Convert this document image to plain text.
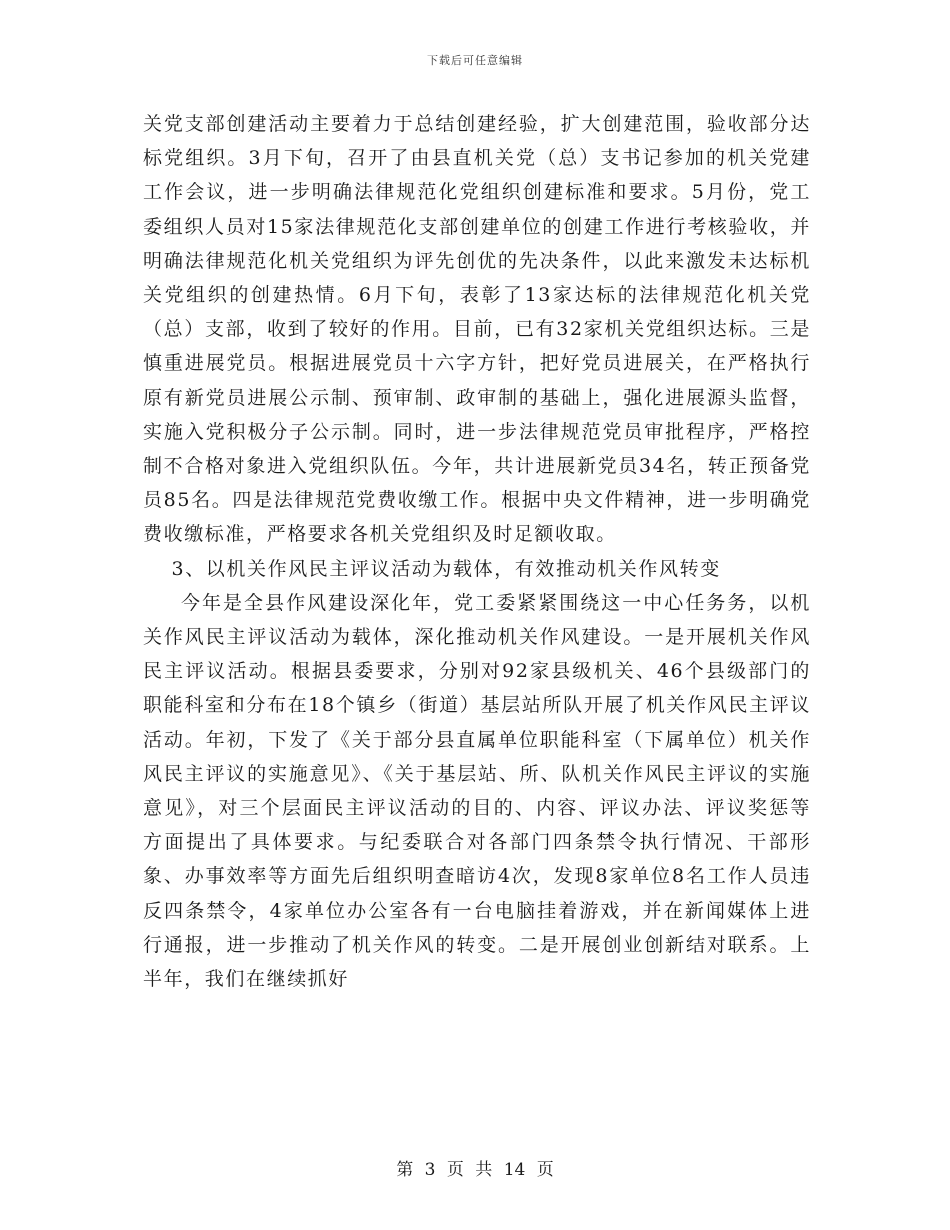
下载后可任意编辑

关党支部创建活动主要着力于总结创建经验，扩大创建范围，验收部分达标党组织。3月下旬，召开了由县直机关党（总）支书记参加的机关党建工作会议，进一步明确法律规范化党组织创建标准和要求。5月份，党工委组织人员对15家法律规范化支部创建单位的创建工作进行考核验收，并明确法律规范化机关党组织为评先创优的先决条件，以此来激发未达标机关党组织的创建热情。6月下旬，表彰了13家达标的法律规范化机关党（总）支部，收到了较好的作用。目前，已有32家机关党组织达标。三是慎重进展党员。根据进展党员十六字方针，把好党员进展关，在严格执行原有新党员进展公示制、预审制、政审制的基础上，强化进展源头监督，实施入党积极分子公示制。同时，进一步法律规范党员审批程序，严格控制不合格对象进入党组织队伍。今年，共计进展新党员34名，转正预备党员85名。四是法律规范党费收缴工作。根据中央文件精神，进一步明确党费收缴标准，严格要求各机关党组织及时足额收取。

3、以机关作风民主评议活动为载体，有效推动机关作风转变

今年是全县作风建设深化年，党工委紧紧围绕这一中心任务务，以机关作风民主评议活动为载体，深化推动机关作风建设。一是开展机关作风民主评议活动。根据县委要求，分别对92家县级机关、46个县级部门的职能科室和分布在18个镇乡（街道）基层站所队开展了机关作风民主评议活动。年初，下发了《关于部分县直属单位职能科室（下属单位）机关作风民主评议的实施意见》、《关于基层站、所、队机关作风民主评议的实施意见》，对三个层面民主评议活动的目的、内容、评议办法、评议奖惩等方面提出了具体要求。与纪委联合对各部门四条禁令执行情况、干部形象、办事效率等方面先后组织明查暗访4次，发现8家单位8名工作人员违反四条禁令，4家单位办公室各有一台电脑挂着游戏，并在新闻媒体上进行通报，进一步推动了机关作风的转变。二是开展创业创新结对联系。上半年，我们在继续抓好

第 3 页 共 14 页
